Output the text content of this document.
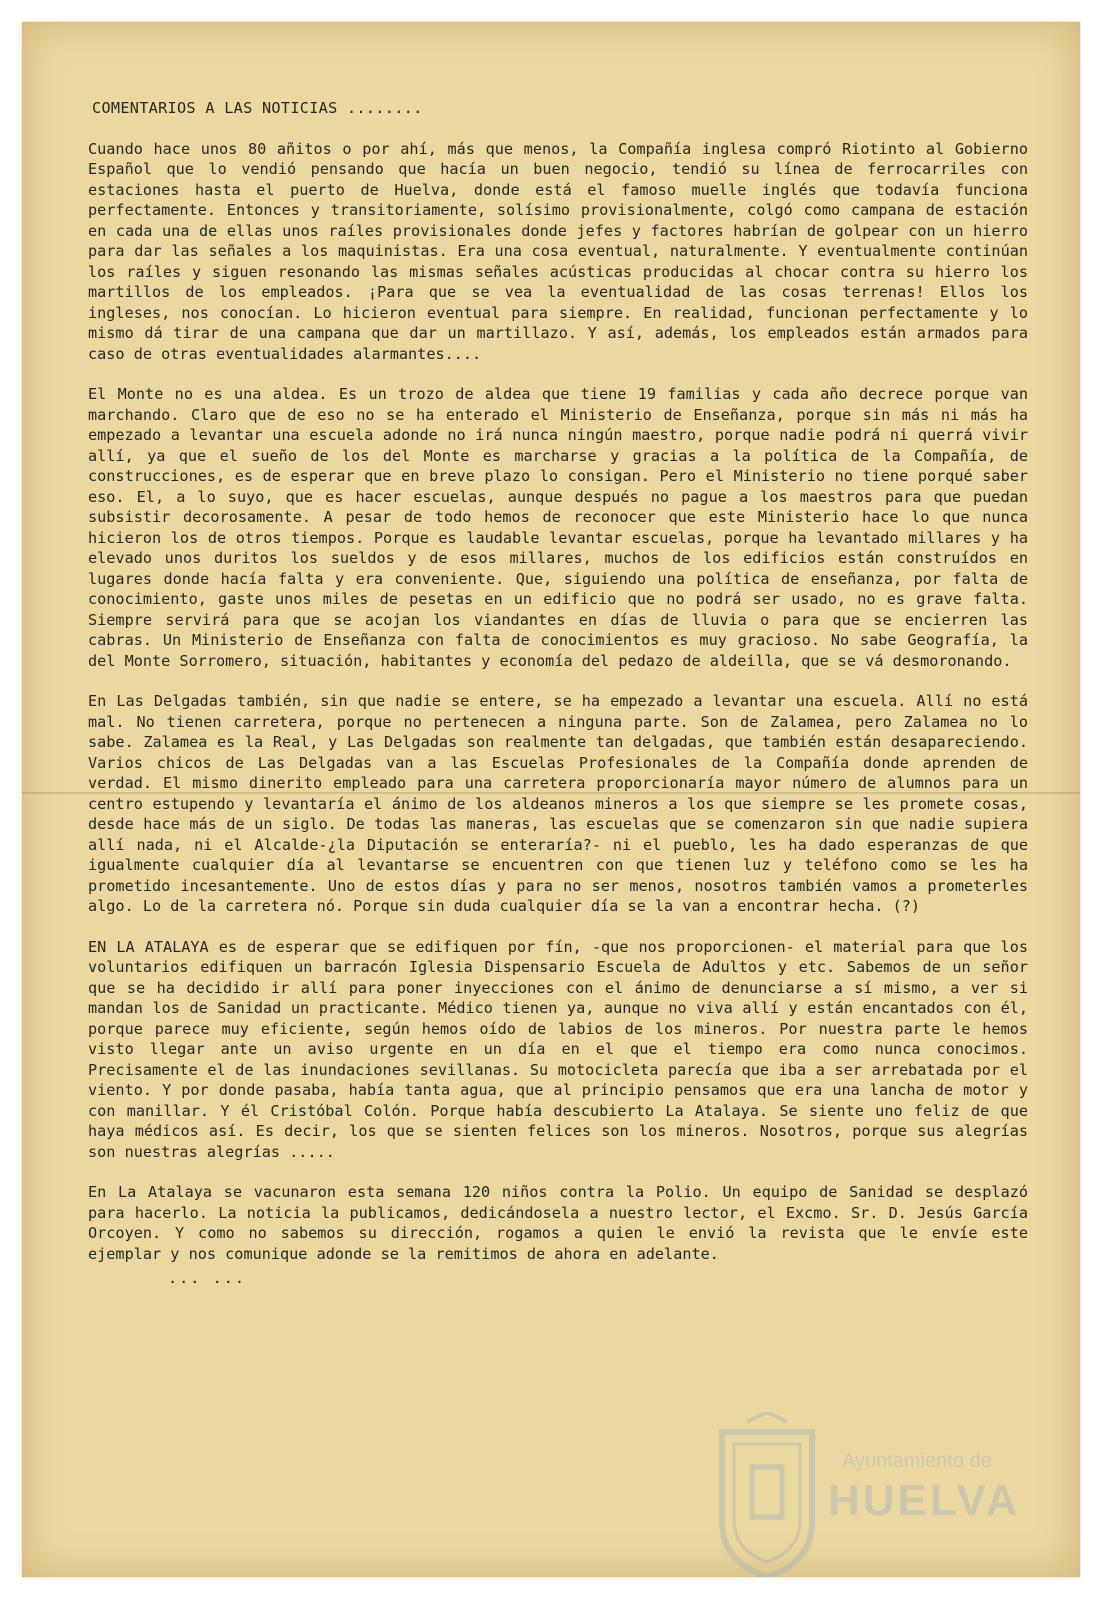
COMENTARIOS A LAS NOTICIAS ........

Cuando hace unos 80 añitos o por ahí, más que menos, la Compañía inglesa compró Riotinto al Gobierno Español que lo vendió pensando que hacía un buen negocio, tendió su línea de ferrocarriles con estaciones hasta el puerto de Huelva, donde está el famoso muelle inglés que todavía funciona perfectamente. Entonces y transitoriamente, solísimo provisionalmente, colgó como campana de estación en cada una de ellas unos raíles provisionales donde jefes y factores habrían de golpear con un hierro para dar las señales a los maquinistas. Era una cosa eventual, naturalmente. Y eventualmente continúan los raíles y siguen resonando las mismas señales acústicas producidas al chocar contra su hierro los martillos de los empleados. ¡Para que se vea la eventualidad de las cosas terrenas! Ellos los ingleses, nos conocían. Lo hicieron eventual para siempre. En realidad, funcionan perfectamente y lo mismo dá tirar de una campana que dar un martillazo. Y así, además, los empleados están armados para caso de otras eventualidades alarmantes....

El Monte no es una aldea. Es un trozo de aldea que tiene 19 familias y cada año decrece porque van marchando. Claro que de eso no se ha enterado el Ministerio de Enseñanza, porque sin más ni más ha empezado a levantar una escuela adonde no irá nunca ningún maestro, porque nadie podrá ni querrá vivir allí, ya que el sueño de los del Monte es marcharse y gracias a la política de la Compañía, de construcciones, es de esperar que en breve plazo lo consigan. Pero el Ministerio no tiene porqué saber eso. El, a lo suyo, que es hacer escuelas, aunque después no pague a los maestros para que puedan subsistir decorosamente. A pesar de todo hemos de reconocer que este Ministerio hace lo que nunca hicieron los de otros tiempos. Porque es laudable levantar escuelas, porque ha levantado millares y ha elevado unos duritos los sueldos y de esos millares, muchos de los edificios están construídos en lugares donde hacía falta y era conveniente. Que, siguiendo una política de enseñanza, por falta de conocimiento, gaste unos miles de pesetas en un edificio que no podrá ser usado, no es grave falta. Siempre servirá para que se acojan los viandantes en días de lluvia o para que se encierren las cabras. Un Ministerio de Enseñanza con falta de conocimientos es muy gracioso. No sabe Geografía, la del Monte Sorromero, situación, habitantes y economía del pedazo de aldeilla, que se vá desmoronando.

En Las Delgadas también, sin que nadie se entere, se ha empezado a levantar una escuela. Allí no está mal. No tienen carretera, porque no pertenecen a ninguna parte. Son de Zalamea, pero Zalamea no lo sabe. Zalamea es la Real, y Las Delgadas son realmente tan delgadas, que también están desapareciendo. Varios chicos de Las Delgadas van a las Escuelas Profesionales de la Compañía donde aprenden de verdad. El mismo dinerito empleado para una carretera proporcionaría mayor número de alumnos para un centro estupendo y levantaría el ánimo de los aldeanos mineros a los que siempre se les promete cosas, desde hace más de un siglo. De todas las maneras, las escuelas que se comenzaron sin que nadie supiera allí nada, ni el Alcalde-¿la Diputación se enteraría?- ni el pueblo, les ha dado esperanzas de que igualmente cualquier día al levantarse se encuentren con que tienen luz y teléfono como se les ha prometido incesantemente. Uno de estos días y para no ser menos, nosotros también vamos a prometerles algo. Lo de la carretera nó. Porque sin duda cualquier día se la van a encontrar hecha. (?)

EN LA ATALAYA es de esperar que se edifiquen por fín, -que nos proporcionen- el material para que los voluntarios edifiquen un barracón Iglesia Dispensario Escuela de Adultos y etc. Sabemos de un señor que se ha decidido ir allí para poner inyecciones con el ánimo de denunciarse a sí mismo, a ver si mandan los de Sanidad un practicante. Médico tienen ya, aunque no viva allí y están encantados con él, porque parece muy eficiente, según hemos oído de labios de los mineros. Por nuestra parte le hemos visto llegar ante un aviso urgente en un día en el que el tiempo era como nunca conocimos. Precisamente el de las inundaciones sevillanas. Su motocicleta parecía que iba a ser arrebatada por el viento. Y por donde pasaba, había tanta agua, que al principio pensamos que era una lancha de motor y con manillar. Y él Cristóbal Colón. Porque había descubierto La Atalaya. Se siente uno feliz de que haya médicos así. Es decir, los que se sienten felices son los mineros. Nosotros, porque sus alegrías son nuestras alegrías .....

En La Atalaya se vacunaron esta semana 120 niños contra la Polio. Un equipo de Sanidad se desplazó para hacerlo. La noticia la publicamos, dedicándosela a nuestro lector, el Excmo. Sr. D. Jesús García Orcoyen. Y como no sabemos su dirección, rogamos a quien le envió la revista que le envíe este ejemplar y nos comunique adonde se la remitimos de ahora en adelante.

... ...

Ayuntamiento de
HUELVA
